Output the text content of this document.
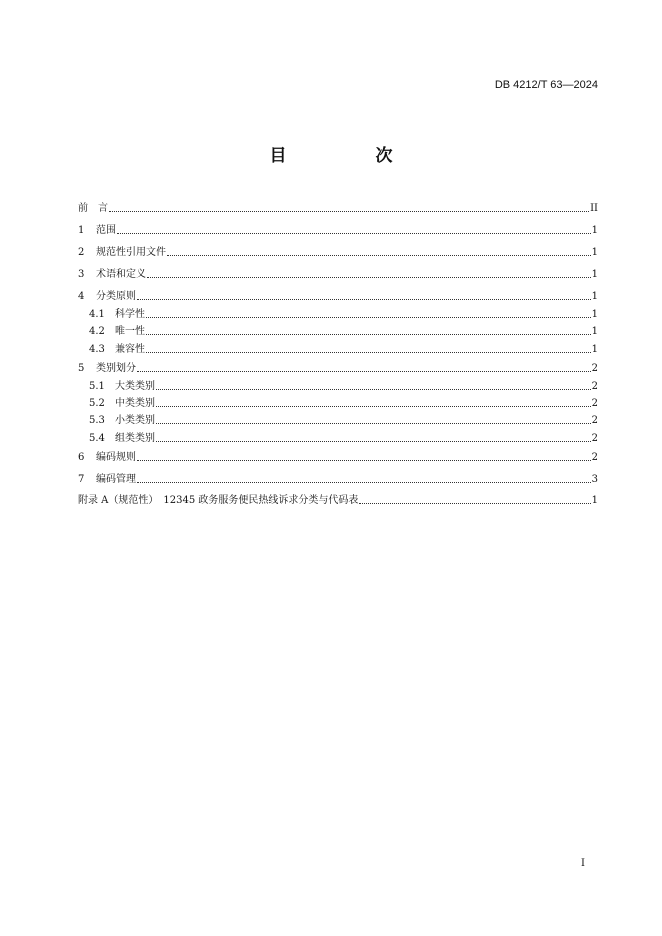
DB 4212/T 63—2024
目　次
前　言	II
1	范围	1
2	规范性引用文件	1
3	术语和定义	1
4	分类原则	1
4.1	科学性	1
4.2	唯一性	1
4.3	兼容性	1
5	类别划分	2
5.1	大类类别	2
5.2	中类类别	2
5.3	小类类别	2
5.4	组类类别	2
6	编码规则	2
7	编码管理	3
附录 A（规范性）　12345 政务服务便民热线诉求分类与代码表	1
I
